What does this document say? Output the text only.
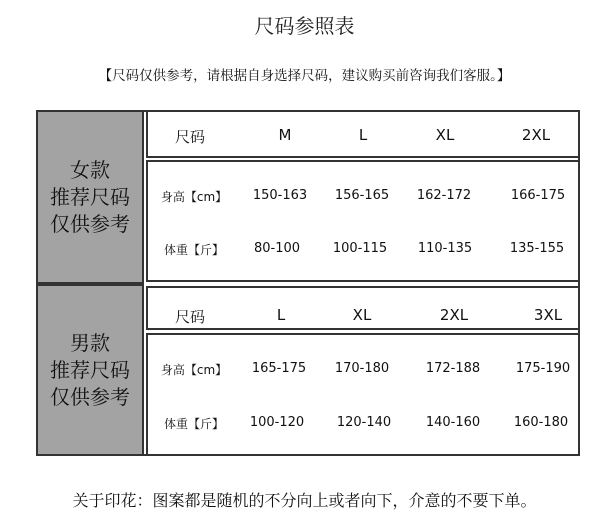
尺码参照表
【尺码仅供参考，请根据自身选择尺码，建议购买前咨询我们客服。】
女款
推荐尺码
仅供参考
男款
推荐尺码
仅供参考
尺码	M	L	XL	2XL
身高【cm】	150-163	156-165	162-172	166-175
体重【斤】	80-100	100-115	110-135	135-155
尺码	L	XL	2XL	3XL
身高【cm】	165-175	170-180	172-188	175-190
体重【斤】	100-120	120-140	140-160	160-180
关于印花：图案都是随机的不分向上或者向下，介意的不要下单。
